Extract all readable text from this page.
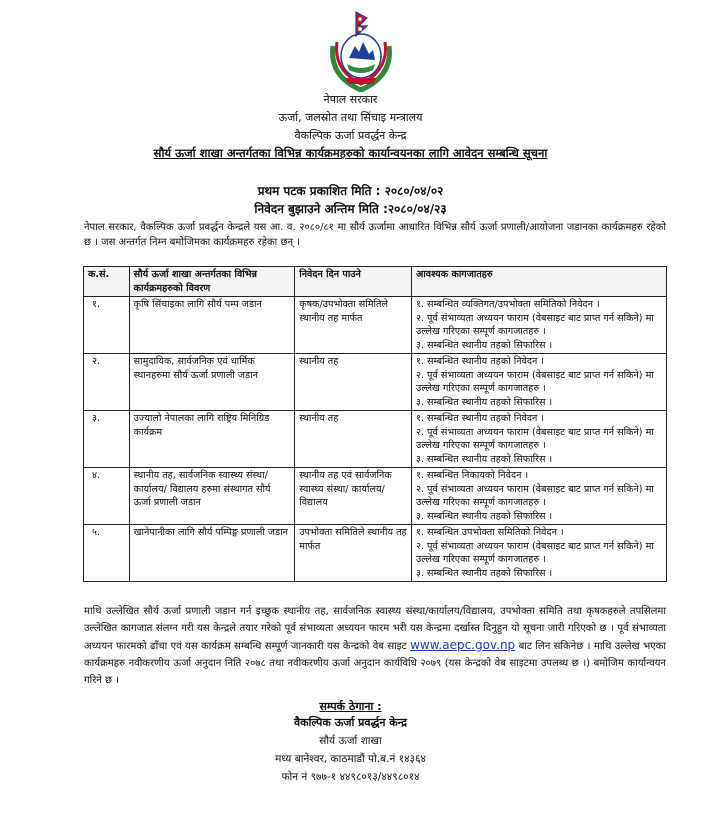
नेपाल सरकार
ऊर्जा, जलस्रोत तथा सिंचाइ मन्त्रालय
वैकल्पिक ऊर्जा प्रवर्द्धन केन्द्र
सौर्य ऊर्जा शाखा अन्तर्गतका विभिन्न कार्यक्रमहरुको कार्यान्वयनका लागि आवेदन सम्बन्धि सूचना
प्रथम पटक प्रकाशित मिति : २०८०/०४/०२
निवेदन बुझाउने अन्तिम मिति :२०८०/०४/२३
नेपाल सरकार, वैकल्पिक ऊर्जा प्रवर्द्धन केन्द्रले यस आ. व. २०८०/८१ मा सौर्य ऊर्जामा आधारित विभिन्न सौर्य ऊर्जा प्रणाली/आयोजना जडानका कार्यक्रमहरु रहेको छ । जस अन्तर्गत निम्न बमोजिमका कार्यक्रमहरु रहेका छन् ।
क.सं.	सौर्य ऊर्जा शाखा अन्तर्गतका विभिन्न कार्यक्रमहरुको विवरण	निवेदन दिन पाउने	आवश्यक कागजातहरु
१.	कृषि सिंचाइका लागि सौर्य पम्प जडान	कृषक/उपभोक्ता समितिले स्थानीय तह मार्फत	१. सम्बन्धित व्यक्तिगत/उपभोक्ता समितिको निवेदन ।
२. पूर्व संभाव्यता अध्ययन फाराम (वेबसाइट बाट प्राप्त गर्न सकिने) मा उल्लेख गरिएका सम्पूर्ण कागजातहरु ।
३. सम्बन्धित स्थानीय तहको सिफारिस ।

२.	सामुदायिक, सार्वजनिक एवं धार्मिक स्थानहरुमा सौर्य ऊर्जा प्रणाली जडान	स्थानीय तह	१. सम्बन्धित स्थानीय तहको निवेदन ।
२. पूर्व संभाव्यता अध्ययन फाराम (वेबसाइट बाट प्राप्त गर्न सकिने) मा उल्लेख गरिएका सम्पूर्ण कागजातहरु ।
३. सम्बन्धित स्थानीय तहको सिफारिस ।

३.	उज्यालो नेपालका लागि राष्ट्रिय मिनिग्रिड कार्यक्रम	स्थानीय तह	१. सम्बन्धित स्थानीय तहको निवेदन ।
२. पूर्व संभाव्यता अध्ययन फाराम (वेबसाइट बाट प्राप्त गर्न सकिने) मा उल्लेख गरिएका सम्पूर्ण कागजातहरु ।
३. सम्बन्धित स्थानीय तहको सिफारिस ।

४.	स्थानीय तह, सार्वजनिक स्वास्थ्य संस्था/ कार्यालय/ विद्यालय हरुमा संस्थागत सौर्य ऊर्जा प्रणाली जडान	स्थानीय तह एवं सार्वजनिक स्वास्थ्य संस्था/ कार्यालय/विद्यालय	१. सम्बन्धित निकायको निवेदन ।
२. पूर्व संभाव्यता अध्ययन फाराम (वेबसाइट बाट प्राप्त गर्न सकिने) मा उल्लेख गरिएका सम्पूर्ण कागजातहरु ।
३. सम्बन्धित स्थानीय तहको सिफारिस ।

५.	खानेपानीका लागि सौर्य पम्पिङ्ग प्रणाली जडान	उपभोक्ता समितिले स्थानीय तह मार्फत	१. सम्बन्धित उपभोक्ता समितिको निवेदन ।
२. पूर्व संभाव्यता अध्ययन फाराम (वेबसाइट बाट प्राप्त गर्न सकिने) मा उल्लेख गरिएका सम्पूर्ण कागजातहरु ।
३. सम्बन्धित स्थानीय तहको सिफारिस ।
माथि उल्लेखित सौर्य ऊर्जा प्रणाली जडान गर्न इच्छुक स्थानीय तह, सार्वजनिक स्वास्थ्य संस्था/कार्यालय/विद्यालय, उपभोक्ता समिति तथा कृषकहरुले तपसिलमा उल्लेखित कागजात संलग्न गरी यस केन्द्रले तयार गरेको पूर्व संभाव्यता अध्ययन फारम भरी यस केन्द्रमा दर्खास्त दिनुहुन यो सूचना जारी गरिएको छ । पूर्व संभाव्यता अध्ययन फारमको ढाँचा एवं यस कार्यक्रम सम्बन्धि सम्पूर्ण जानकारी यस केन्द्रको वेब साइट www.aepc.gov.np बाट लिन सकिनेछ । माथि उल्लेख भएका कार्यक्रमहरु नवीकरणीय ऊर्जा अनुदान निति २०७८ तथा नवीकरणीय ऊर्जा अनुदान कार्यविधि २०७९ (यस केन्द्रको वेब साइटमा उपलब्ध छ ।) बमोजिम कार्यान्वयन गरिने छ ।
सम्पर्क ठेगाना :
वैकल्पिक ऊर्जा प्रवर्द्धन केन्द्र
सौर्य ऊर्जा शाखा
मध्य बानेश्वर, काठमाडौं पो.ब.नं १४३६४
फोन नं ९७७-१ ४४९८०१३/४४९८०१४
